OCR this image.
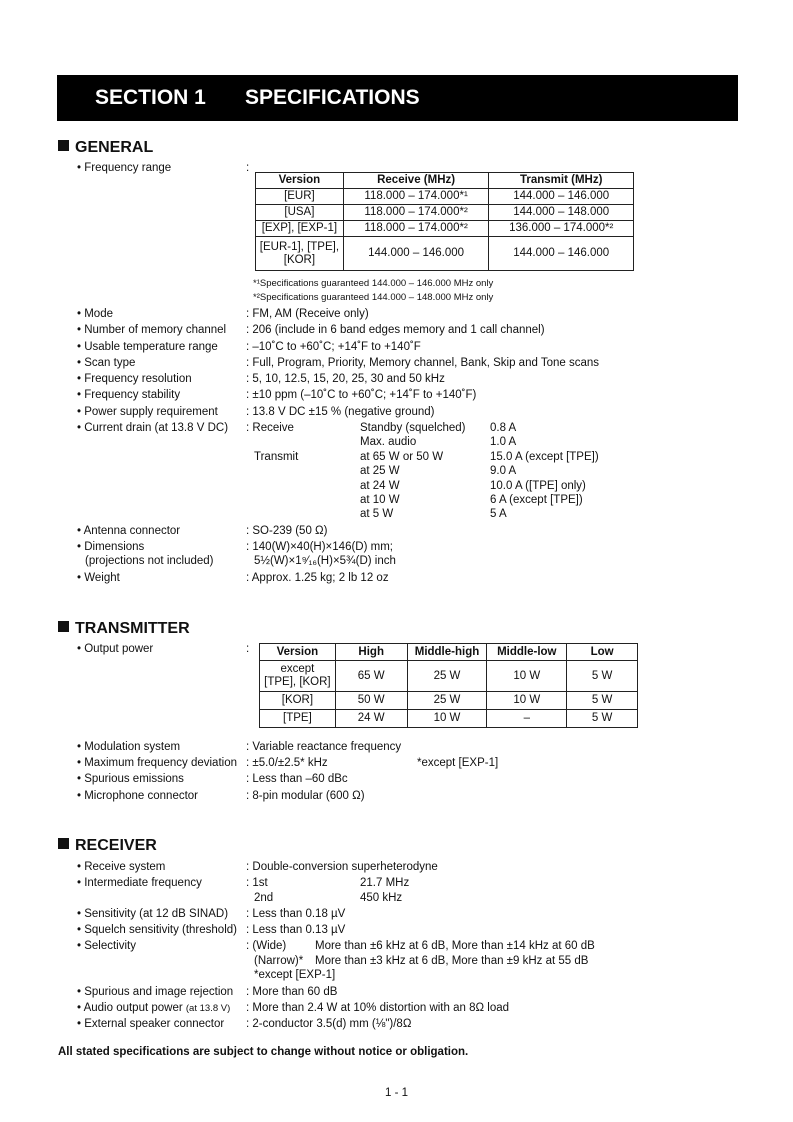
SECTION 1 SPECIFICATIONS
GENERAL
• Frequency range	:
Version	Receive (MHz)	Transmit (MHz)
[EUR]	118.000 – 174.000*¹	144.000 – 146.000
[USA]	118.000 – 174.000*²	144.000 – 148.000
[EXP], [EXP-1]	118.000 – 174.000*²	136.000 – 174.000*²
[EUR-1], [TPE],
[KOR]	144.000 – 146.000	144.000 – 146.000
*¹Specifications guaranteed 144.000 – 146.000 MHz only
*²Specifications guaranteed 144.000 – 148.000 MHz only
• Mode	: FM, AM (Receive only)
• Number of memory channel : 206 (include in 6 band edges memory and 1 call channel)
• Usable temperature range : –10˚C to +60˚C; +14˚F to +140˚F
• Scan type	: Full, Program, Priority, Memory channel, Bank, Skip and Tone scans
• Frequency resolution	: 5, 10, 12.5, 15, 20, 25, 30 and 50 kHz
• Frequency stability	: ±10 ppm (–10˚C to +60˚C; +14˚F to +140˚F)
• Power supply requirement : 13.8 V DC ±15 % (negative ground)
• Current drain (at 13.8 V DC) : Receive	Standby (squelched) 0.8 A
Max. audio	1.0 A
Transmit	at 65 W or 50 W	15.0 A (except [TPE])
at 25 W	9.0 A
at 24 W	10.0 A ([TPE] only)
at 10 W	6 A (except [TPE])
at 5 W	5 A
• Antenna connector	: SO-239 (50 Ω)
• Dimensions	: 140(W)×40(H)×146(D) mm;
(projections not included)	5½(W)×1⁹⁄₁₆(H)×5¾(D) inch
• Weight	: Approx. 1.25 kg; 2 lb 12 oz
TRANSMITTER
• Output power	: Version	High	Middle-high	Middle-low	Low
except
[TPE], [KOR]	65 W	25 W	10 W	5 W
[KOR]	50 W	25 W	10 W	5 W
[TPE]	24 W	10 W	–	5 W
• Modulation system	: Variable reactance frequency
• Maximum frequency deviation : ±5.0/±2.5* kHz	*except [EXP-1]
• Spurious emissions	: Less than –60 dBc
• Microphone connector	: 8-pin modular (600 Ω)
RECEIVER
• Receive system	: Double-conversion superheterodyne
• Intermediate frequency	: 1st	21.7 MHz
2nd	450 kHz
• Sensitivity (at 12 dB SINAD) : Less than 0.18 µV
• Squelch sensitivity (threshold) : Less than 0.13 µV
• Selectivity	: (Wide)	More than ±6 kHz at 6 dB, More than ±14 kHz at 60 dB
(Narrow)* More than ±3 kHz at 6 dB, More than ±9 kHz at 55 dB
*except [EXP-1]
• Spurious and image rejection : More than 60 dB
• Audio output power (at 13.8 V) : More than 2.4 W at 10% distortion with an 8Ω load
• External speaker connector : 2-conductor 3.5(d) mm (⅛")/8Ω
All stated specifications are subject to change without notice or obligation.
1 - 1
